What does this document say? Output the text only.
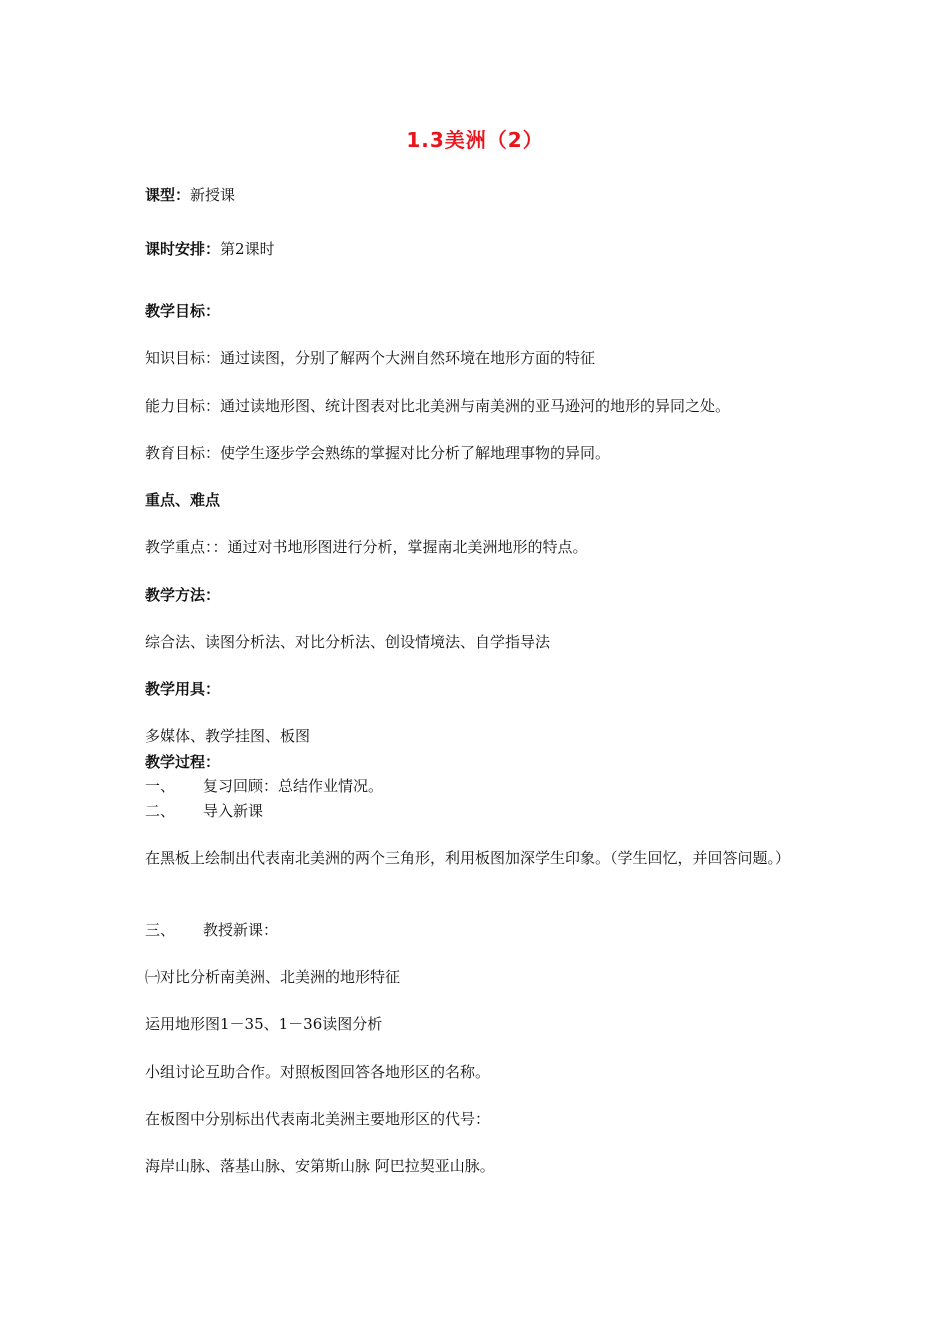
1.3美洲（2）
课型：新授课
课时安排：第2课时
教学目标：
知识目标：通过读图，分别了解两个大洲自然环境在地形方面的特征
能力目标：通过读地形图、统计图表对比北美洲与南美洲的亚马逊河的地形的异同之处。
教育目标：使学生逐步学会熟练的掌握对比分析了解地理事物的异同。
重点、难点
教学重点：：通过对书地形图进行分析，掌握南北美洲地形的特点。
教学方法：
综合法、读图分析法、对比分析法、创设情境法、自学指导法
教学用具：
多媒体、教学挂图、板图
教学过程：
一、 复习回顾：总结作业情况。
二、 导入新课
在黑板上绘制出代表南北美洲的两个三角形，利用板图加深学生印象。（学生回忆，并回答问题。）
三、 教授新课：
㈠对比分析南美洲、北美洲的地形特征
运用地形图1－35、1－36读图分析
小组讨论互助合作。对照板图回答各地形区的名称。
在板图中分别标出代表南北美洲主要地形区的代号：
海岸山脉、落基山脉、安第斯山脉 阿巴拉契亚山脉。
